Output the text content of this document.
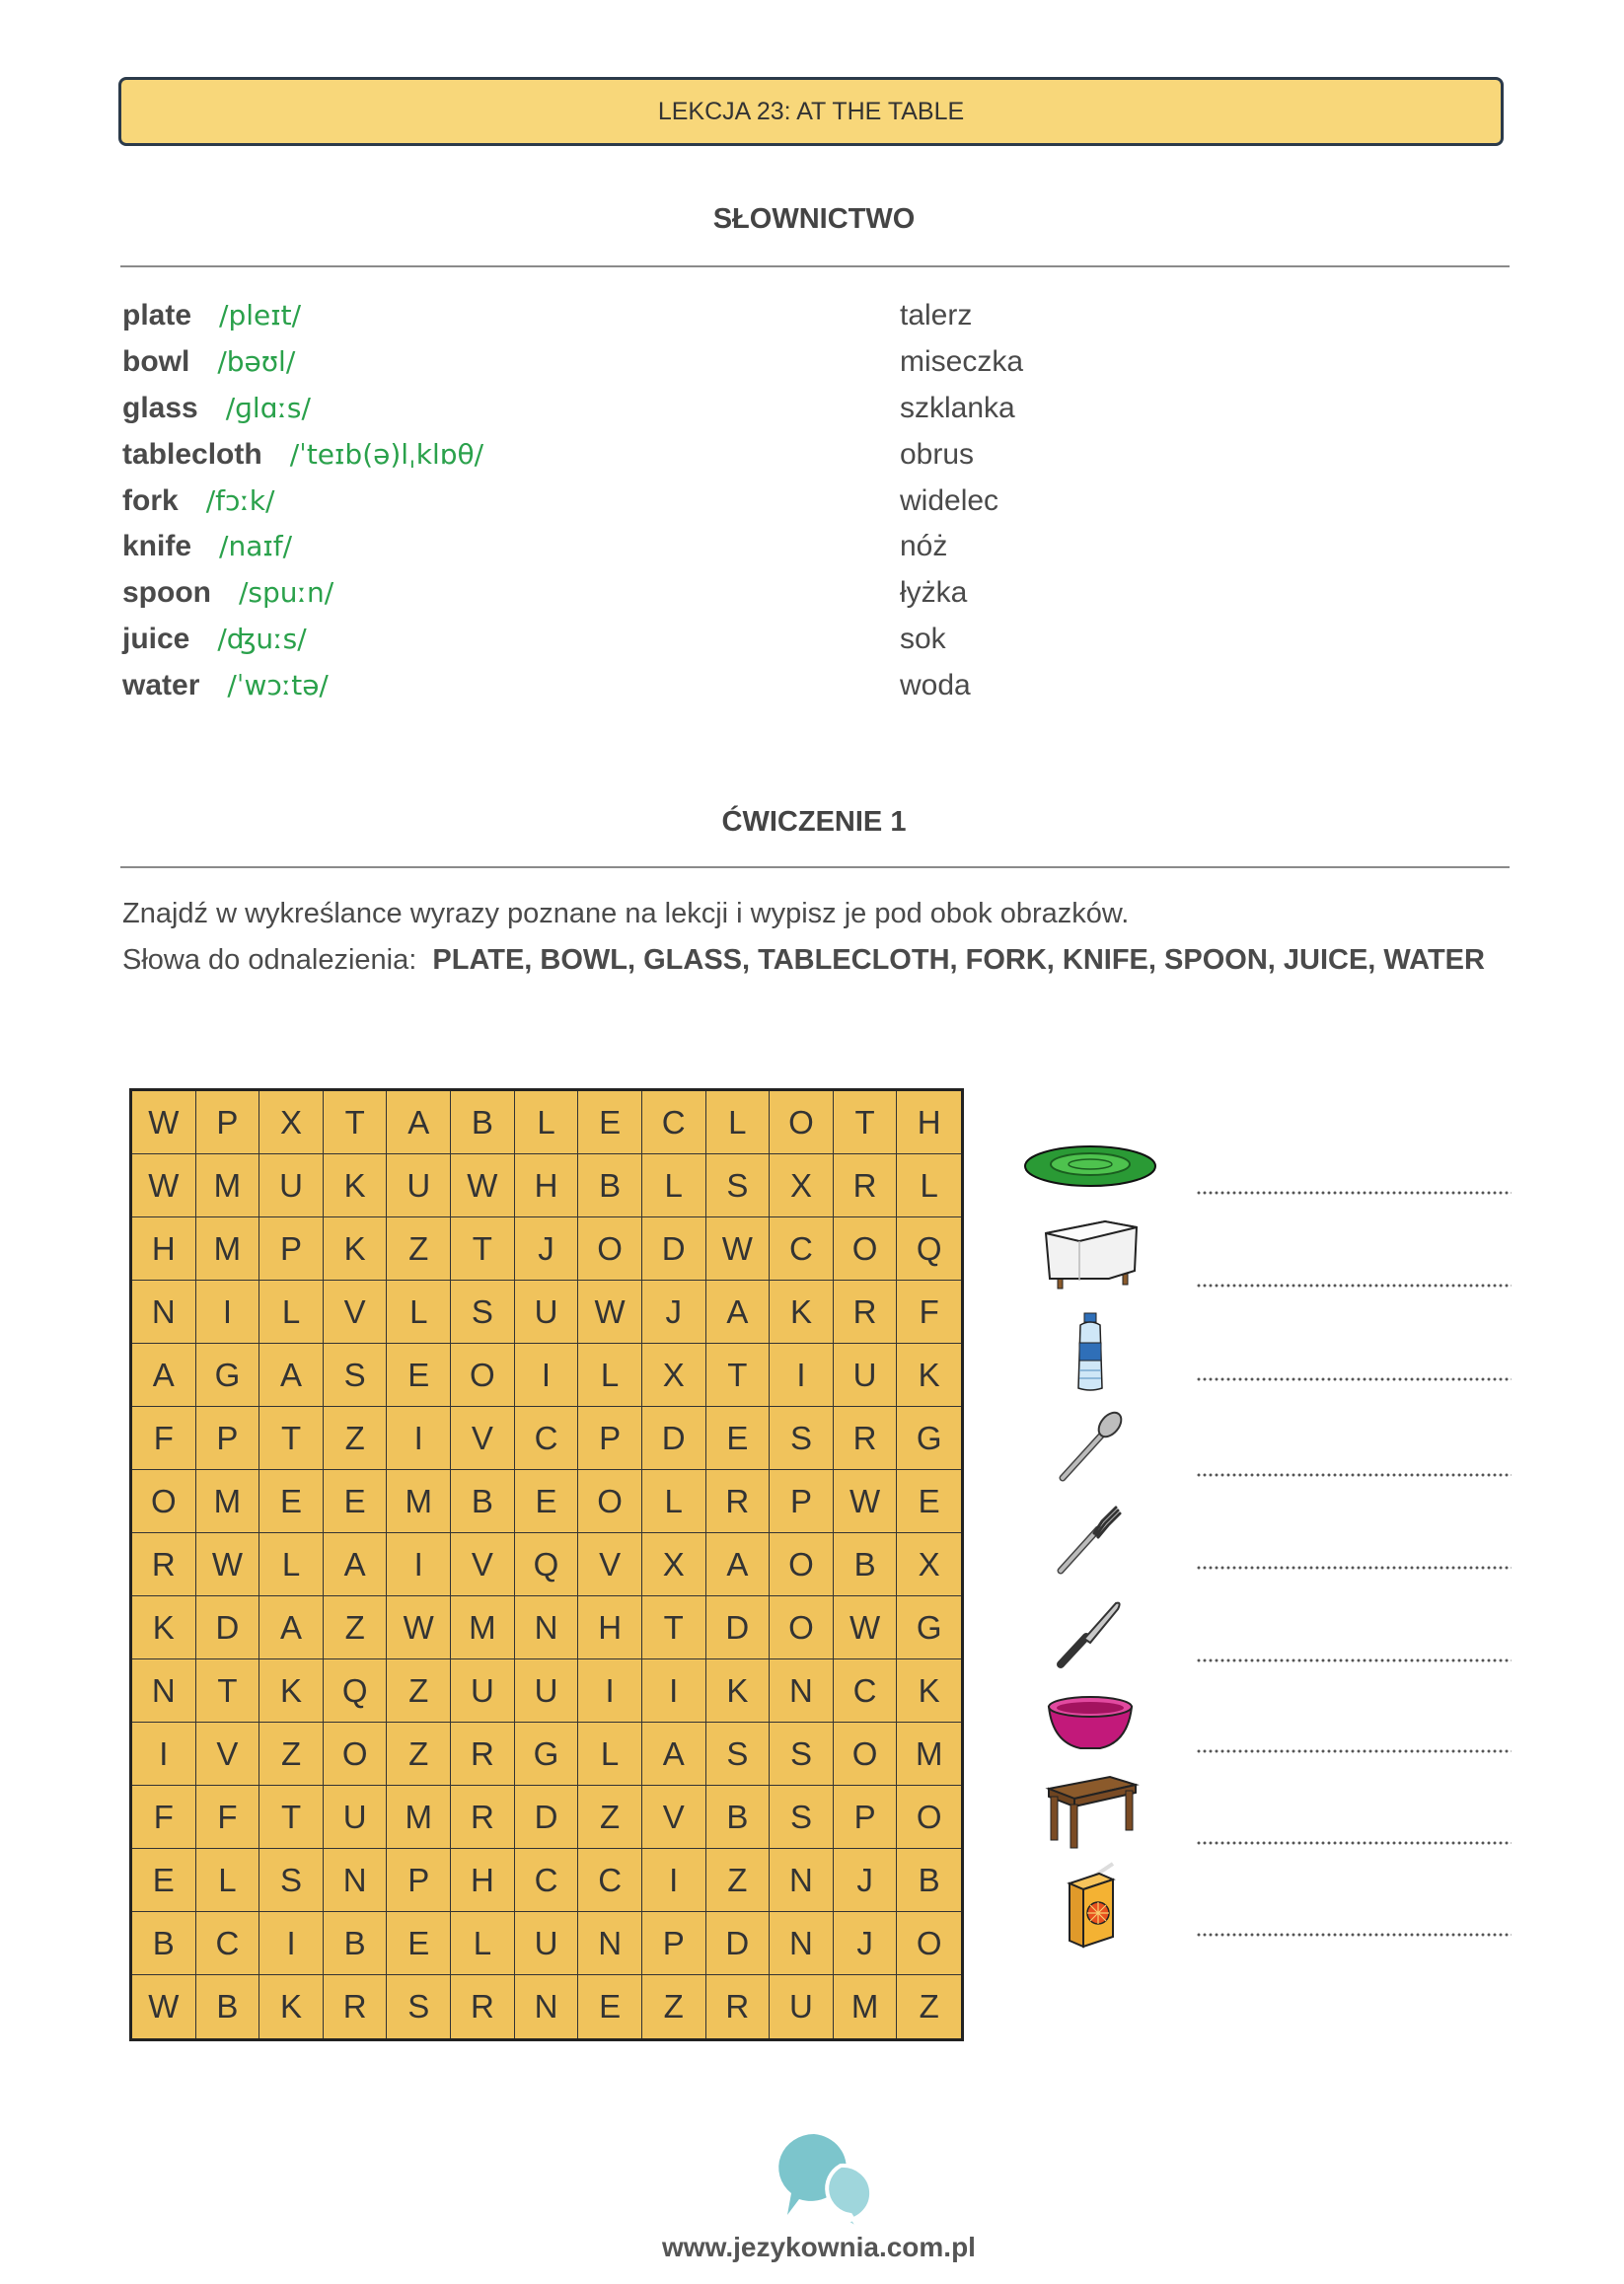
LEKCJA 23: AT THE TABLE
SŁOWNICTWO
plate /pleɪt/	talerz
bowl /bəʊl/	miseczka
glass /ɡlɑːs/	szklanka
tablecloth /ˈteɪb(ə)lˌklɒθ/	obrus
fork /fɔːk/	widelec
knife /naɪf/	nóż
spoon /spuːn/	łyżka
juice /ʤuːs/	sok
water /ˈwɔːtə/	woda
ĆWICZENIE 1
Znajdź w wykreślance wyrazy poznane na lekcji i wypisz je pod obok obrazków.
Słowa do odnalezienia: PLATE, BOWL, GLASS, TABLECLOTH, FORK, KNIFE, SPOON, JUICE, WATER
W	P	X	T	A	B	L	E	C	L	O	T	H
W	M	U	K	U	W	H	B	L	S	X	R	L
H	M	P	K	Z	T	J	O	D	W	C	O	Q
N	I	L	V	L	S	U	W	J	A	K	R	F
A	G	A	S	E	O	I	L	X	T	I	U	K
F	P	T	Z	I	V	C	P	D	E	S	R	G
O	M	E	E	M	B	E	O	L	R	P	W	E
R	W	L	A	I	V	Q	V	X	A	O	B	X
K	D	A	Z	W	M	N	H	T	D	O	W	G
N	T	K	Q	Z	U	U	I	I	K	N	C	K
I	V	Z	O	Z	R	G	L	A	S	S	O	M
F	F	T	U	M	R	D	Z	V	B	S	P	O
E	L	S	N	P	H	C	C	I	Z	N	J	B
B	C	I	B	E	L	U	N	P	D	N	J	O
W	B	K	R	S	R	N	E	Z	R	U	M	Z
www.jezykownia.com.pl
